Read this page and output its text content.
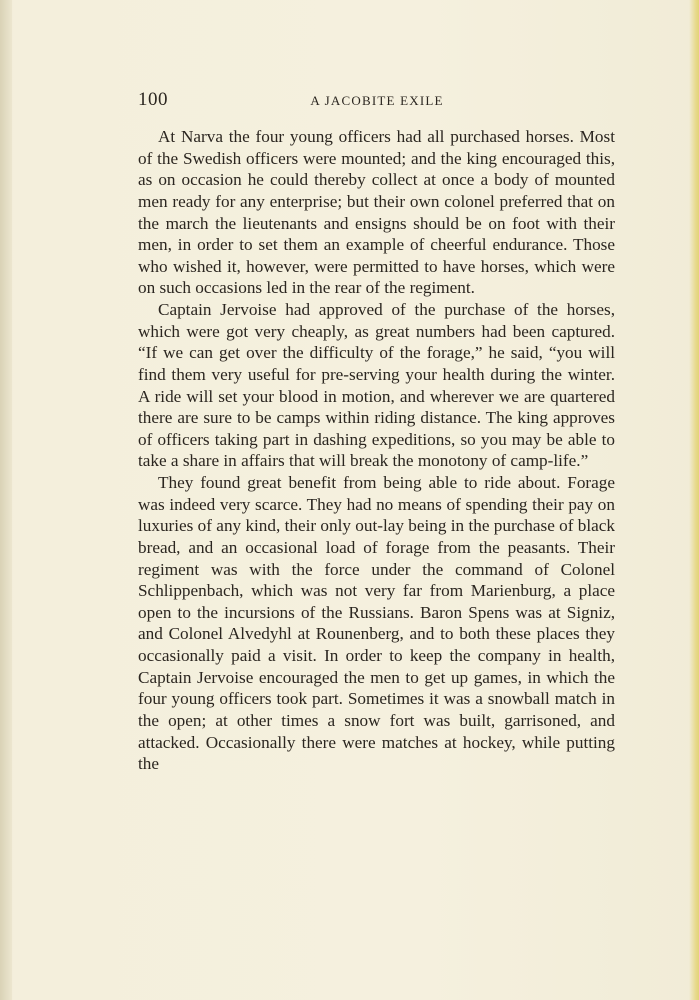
100	A JACOBITE EXILE

At Narva the four young officers had all purchased horses. Most of the Swedish officers were mounted; and the king encouraged this, as on occasion he could thereby collect at once a body of mounted men ready for any enterprise; but their own colonel preferred that on the march the lieutenants and ensigns should be on foot with their men, in order to set them an example of cheerful endurance. Those who wished it, however, were permitted to have horses, which were on such occasions led in the rear of the regiment.

Captain Jervoise had approved of the purchase of the horses, which were got very cheaply, as great numbers had been captured. “If we can get over the difficulty of the forage,” he said, “you will find them very useful for pre-serving your health during the winter. A ride will set your blood in motion, and wherever we are quartered there are sure to be camps within riding distance. The king approves of officers taking part in dashing expeditions, so you may be able to take a share in affairs that will break the monotony of camp-life.”

They found great benefit from being able to ride about. Forage was indeed very scarce. They had no means of spending their pay on luxuries of any kind, their only out-lay being in the purchase of black bread, and an occasional load of forage from the peasants. Their regiment was with the force under the command of Colonel Schlippenbach, which was not very far from Marienburg, a place open to the incursions of the Russians. Baron Spens was at Signiz, and Colonel Alvedyhl at Rounenberg, and to both these places they occasionally paid a visit. In order to keep the company in health, Captain Jervoise encouraged the men to get up games, in which the four young officers took part. Sometimes it was a snowball match in the open; at other times a snow fort was built, garrisoned, and attacked. Occasionally there were matches at hockey, while putting the
